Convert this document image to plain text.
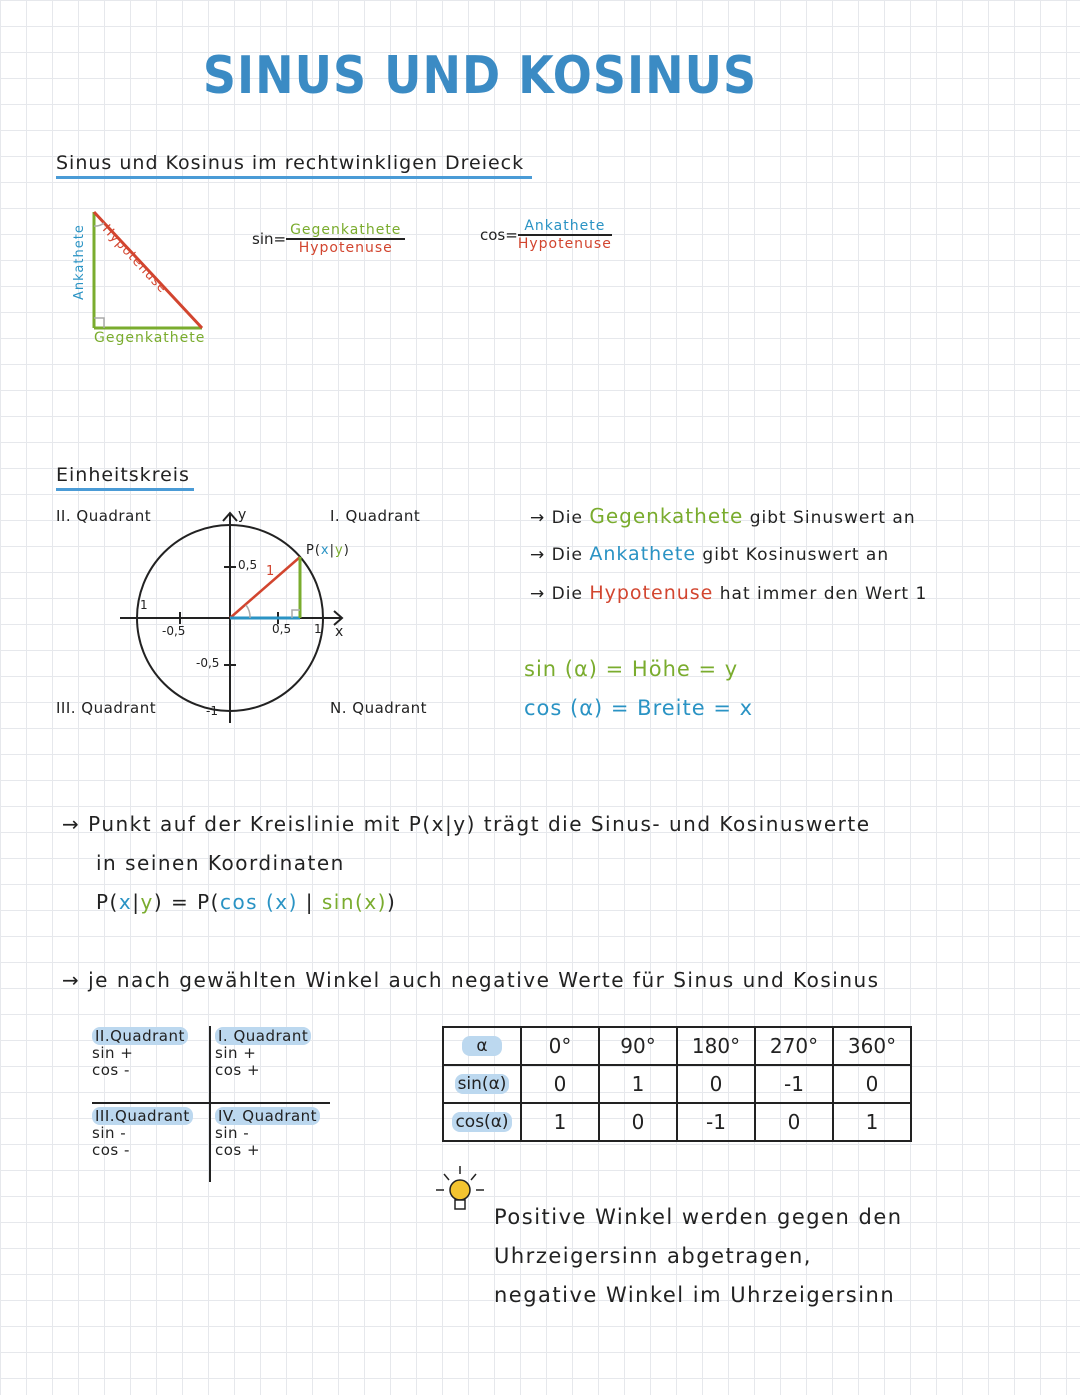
SINUS UND KOSINUS
Sinus und Kosinus im rechtwinkligen Dreieck
Ankathete Hypotenuse
Gegenkathete
$\sin= \frac{\text{Gegenkathete}}{\text{Hypotenuse}}$	$\cos= \frac{\text{Ankathete}}{\text{Hypotenuse}}$
Einheitskreis
II. Quadrant	I. Quadrant
III. Quadrant	N. Quadrant
y
x
0,5
-0,5
-0,5	0,5
1
1
-1
1
P(x|y)
→ Die Gegenkathete gibt Sinuswert an
→ Die Ankathete gibt Kosinuswert an
→ Die Hypotenuse hat immer den Wert 1
sin (α) = Höhe = y
cos (α) = Breite = x
→ Punkt auf der Kreislinie mit P(x|y) trägt die Sinus- und Kosinuswerte
in seinen Koordinaten
P(x|y) = P(cos (x) | sin(x))
→ je nach gewählten Winkel auch negative Werte für Sinus und Kosinus
II.Quadrant
sin +
cos -
I. Quadrant
sin +
cos +
III.Quadrant
sin -
cos -
IV. Quadrant
sin -
cos +
α	0°	90°	180°	270°	360°
sin(α)	0	1	0	-1	0
cos(α)	1	0	-1	0	1
Positive Winkel werden gegen den
Uhrzeigersinn abgetragen,
negative Winkel im Uhrzeigersinn
